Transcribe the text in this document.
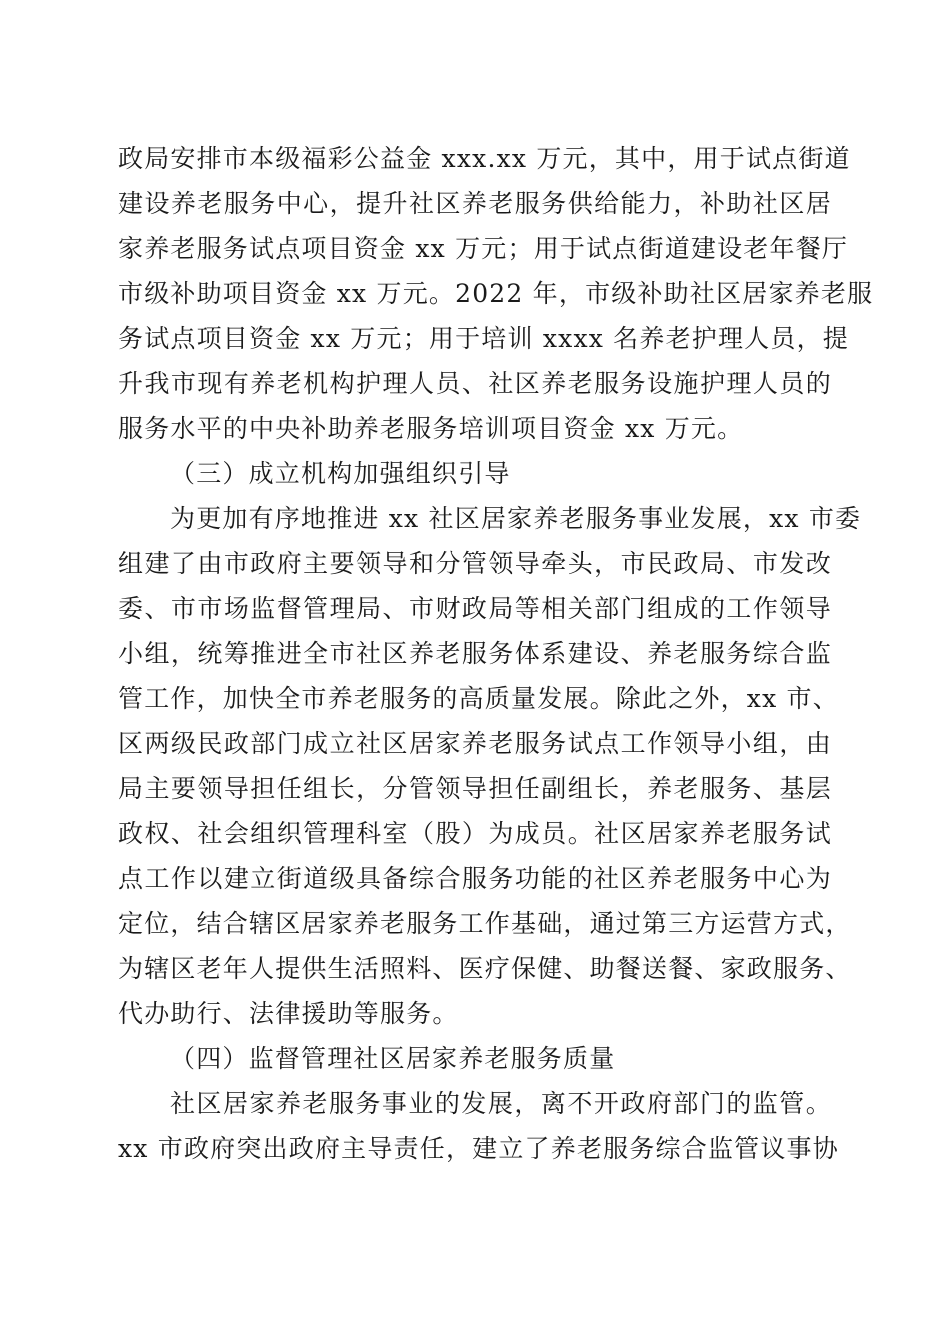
政局安排市本级福彩公益金 xxx.xx 万元，其中，用于试点街道
建设养老服务中心，提升社区养老服务供给能力，补助社区居
家养老服务试点项目资金 xx 万元；用于试点街道建设老年餐厅
市级补助项目资金 xx 万元。2022 年，市级补助社区居家养老服
务试点项目资金 xx 万元；用于培训 xxxx 名养老护理人员，提
升我市现有养老机构护理人员、社区养老服务设施护理人员的
服务水平的中央补助养老服务培训项目资金 xx 万元。
（三）成立机构加强组织引导
为更加有序地推进 xx 社区居家养老服务事业发展，xx 市委
组建了由市政府主要领导和分管领导牵头，市民政局、市发改
委、市市场监督管理局、市财政局等相关部门组成的工作领导
小组，统筹推进全市社区养老服务体系建设、养老服务综合监
管工作，加快全市养老服务的高质量发展。除此之外，xx 市、
区两级民政部门成立社区居家养老服务试点工作领导小组，由
局主要领导担任组长，分管领导担任副组长，养老服务、基层
政权、社会组织管理科室（股）为成员。社区居家养老服务试
点工作以建立街道级具备综合服务功能的社区养老服务中心为
定位，结合辖区居家养老服务工作基础，通过第三方运营方式，
为辖区老年人提供生活照料、医疗保健、助餐送餐、家政服务、
代办助行、法律援助等服务。
（四）监督管理社区居家养老服务质量
社区居家养老服务事业的发展，离不开政府部门的监管。
xx 市政府突出政府主导责任，建立了养老服务综合监管议事协
